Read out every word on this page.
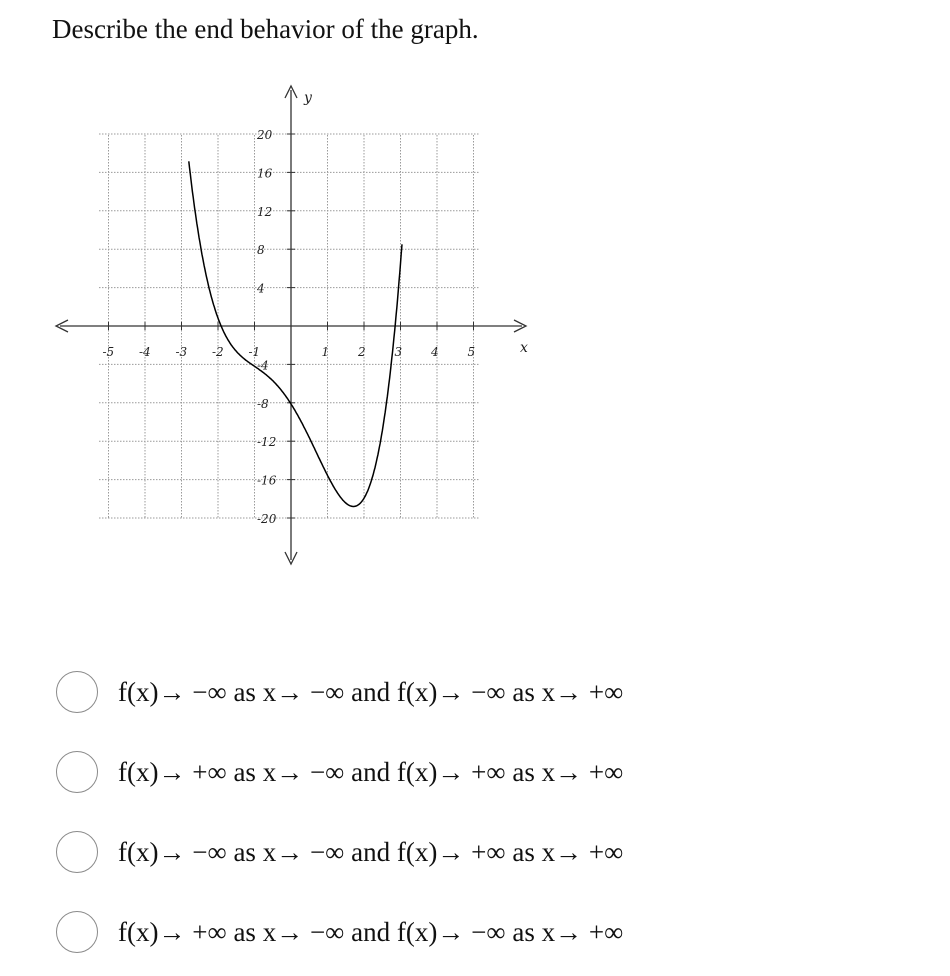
Describe the end behavior of the graph.
y
x
-5 -4 -3 -2 -1	1 2 3 4 5
20
16
12
8
4
-4
-8
-12
-16
-20
f(x)→ −∞ as x→ −∞ and f(x)→ −∞ as x→ +∞
f(x)→ +∞ as x→ −∞ and f(x)→ +∞ as x→ +∞
f(x)→ −∞ as x→ −∞ and f(x)→ +∞ as x→ +∞
f(x)→ +∞ as x→ −∞ and f(x)→ −∞ as x→ +∞
